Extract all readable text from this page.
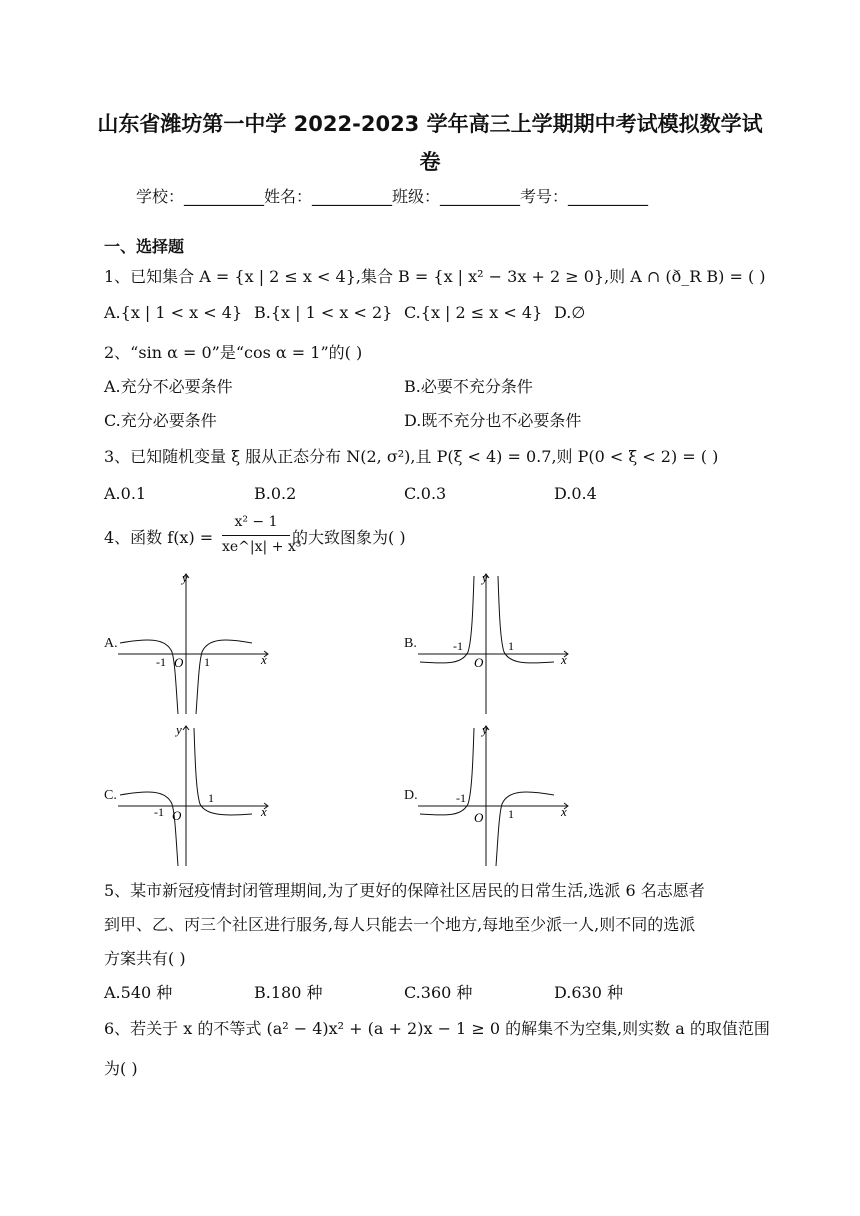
山东省潍坊第一中学 2022-2023 学年高三上学期期中考试模拟数学试
卷
学校：__________姓名：__________班级：__________考号：__________
一、选择题
1、已知集合 A = {x | 2 ≤ x < 4},集合 B = {x | x² − 3x + 2 ≥ 0},则 A ∩ (ð_R B) = ( )
A.{x | 1 < x < 4} B.{x | 1 < x < 2} C.{x | 2 ≤ x < 4} D.∅
2、“sin α = 0”是“cos α = 1”的( )
A.充分不必要条件	B.必要不充分条件
C.充分必要条件	D.既不充分也不必要条件
3、已知随机变量 ξ 服从正态分布 N(2, σ²),且 P(ξ < 4) = 0.7,则 P(0 < ξ < 2) = ( )
A.0.1	B.0.2	C.0.3	D.0.4
4、函数 f(x) =
x² − 1
xe^|x| + x³
的大致图象为( )
A.	B.
C.	D.
y
x
O
-1	1
y
x
O
-1	1
y
x
O
-1
1
y
x
O
-1
1
5、某市新冠疫情封闭管理期间,为了更好的保障社区居民的日常生活,选派 6 名志愿者
到甲、乙、丙三个社区进行服务,每人只能去一个地方,每地至少派一人,则不同的选派
方案共有( )
A.540 种	B.180 种	C.360 种	D.630 种
6、若关于 x 的不等式 (a² − 4)x² + (a + 2)x − 1 ≥ 0 的解集不为空集,则实数 a 的取值范围
为( )
